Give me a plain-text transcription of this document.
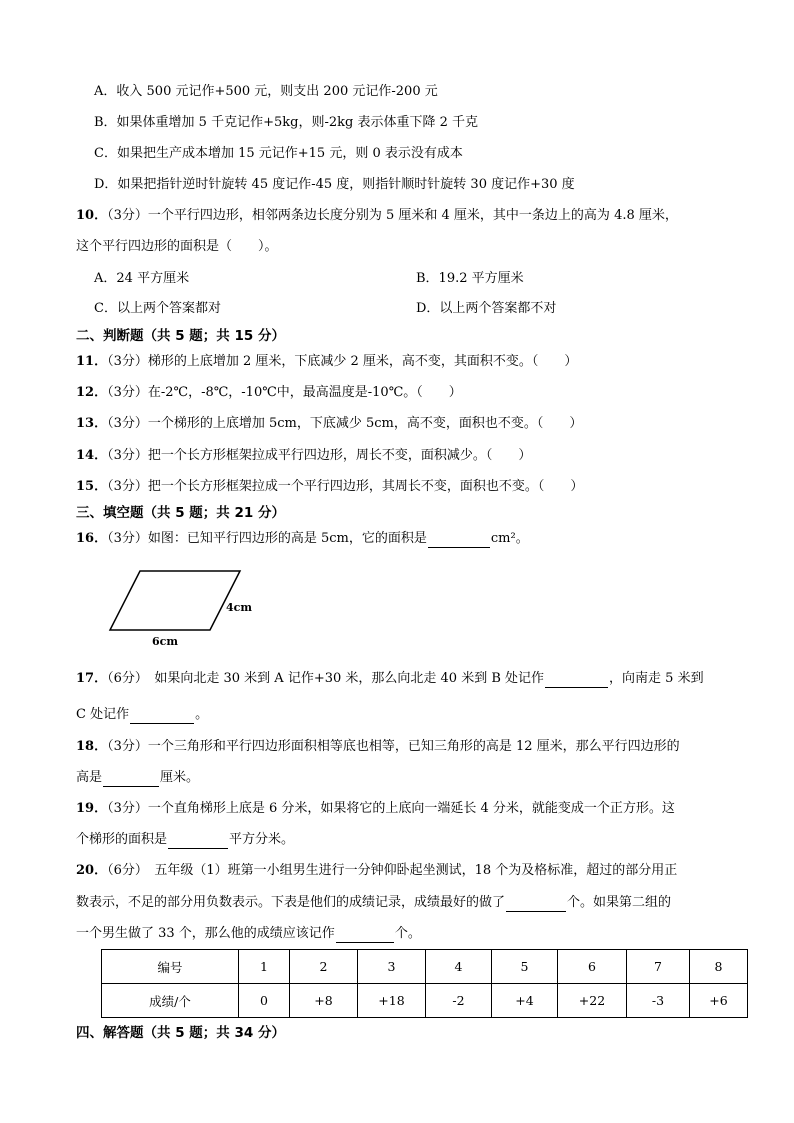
A．收入 500 元记作+500 元，则支出 200 元记作-200 元
B．如果体重增加 5 千克记作+5kg，则-2kg 表示体重下降 2 千克
C．如果把生产成本增加 15 元记作+15 元，则 0 表示没有成本
D．如果把指针逆时针旋转 45 度记作-45 度，则指针顺时针旋转 30 度记作+30 度
10．（3分）一个平行四边形，相邻两条边长度分别为 5 厘米和 4 厘米，其中一条边上的高为 4.8 厘米，
这个平行四边形的面积是（　　）。
A．24 平方厘米	B．19.2 平方厘米
C．以上两个答案都对	D．以上两个答案都不对
二、判断题（共 5 题；共 15 分）
11．（3分）梯形的上底增加 2 厘米，下底减少 2 厘米，高不变，其面积不变。（　　）
12．（3分）在-2℃，-8℃，-10℃中，最高温度是-10℃。（　　）
13．（3分）一个梯形的上底增加 5cm，下底减少 5cm，高不变，面积也不变。（　　）
14．（3分）把一个长方形框架拉成平行四边形，周长不变，面积减少。（　　）
15．（3分）把一个长方形框架拉成一个平行四边形，其周长不变，面积也不变。（　　）
三、填空题（共 5 题；共 21 分）
16．（3分）如图：已知平行四边形的高是 5cm，它的面积是	cm²。
4cm
6cm
17．（6分）　如果向北走 30 米到 A 记作+30 米，那么向北走 40 米到 B 处记作	，向南走 5 米到
C 处记作	。
18．（3分）一个三角形和平行四边形面积相等底也相等，已知三角形的高是 12 厘米，那么平行四边形的
高是	厘米。
19．（3分）一个直角梯形上底是 6 分米，如果将它的上底向一端延长 4 分米，就能变成一个正方形。这
个梯形的面积是	平方分米。
20．（6分）　五年级（1）班第一小组男生进行一分钟仰卧起坐测试，18 个为及格标准，超过的部分用正
数表示，不足的部分用负数表示。下表是他们的成绩记录，成绩最好的做了	个。如果第二组的
一个男生做了 33 个，那么他的成绩应该记作	个。
编号	1	2	3	4	5	6	7	8
成绩/个	0	+8	+18	-2	+4	+22	-3	+6
四、解答题（共 5 题；共 34 分）
